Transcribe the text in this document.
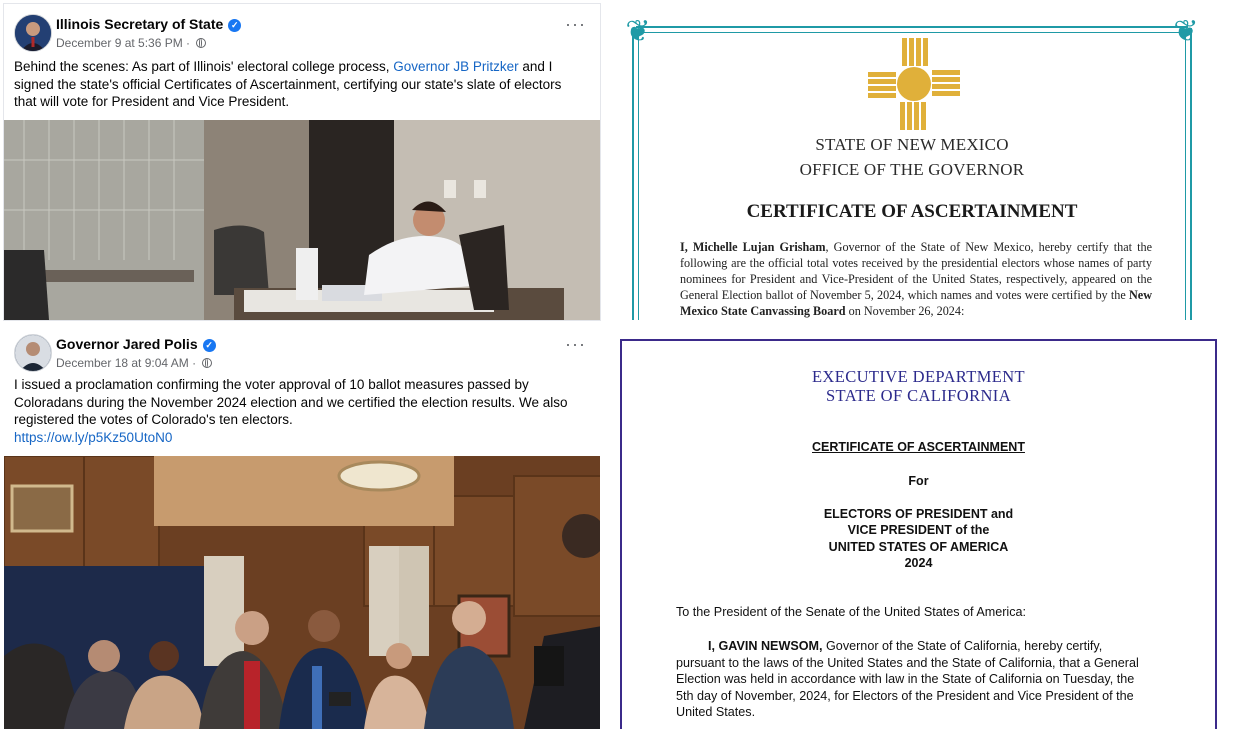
Illinois Secretary of State ✓
December 9 at 5:36 PM ·
···
Behind the scenes: As part of Illinois' electoral college process, Governor JB Pritzker and I signed the state's official Certificates of Ascertainment, certifying our state's slate of electors that will vote for President and Vice President.
Governor Jared Polis ✓
December 18 at 9:04 AM ·
···
I issued a proclamation confirming the voter approval of 10 ballot measures passed by Coloradans during the November 2024 election and we certified the election results. We also registered the votes of Colorado's ten electors.
https://ow.ly/p5Kz50UtoN0
❦	❦
STATE OF NEW MEXICO
OFFICE OF THE GOVERNOR
CERTIFICATE OF ASCERTAINMENT
I, Michelle Lujan Grisham, Governor of the State of New Mexico, hereby certify that the following are the official total votes received by the presidential electors whose names of party nominees for President and Vice-President of the United States, respectively, appeared on the General Election ballot of November 5, 2024, which names and votes were certified by the New Mexico State Canvassing Board on November 26, 2024:
EXECUTIVE DEPARTMENT
STATE OF CALIFORNIA
CERTIFICATE OF ASCERTAINMENT
For
ELECTORS OF PRESIDENT and
VICE PRESIDENT of the
UNITED STATES OF AMERICA
2024
To the President of the Senate of the United States of America:
I, GAVIN NEWSOM, Governor of the State of California, hereby certify, pursuant to the laws of the United States and the State of California, that a General Election was held in accordance with law in the State of California on Tuesday, the 5th day of November, 2024, for Electors of the President and Vice President of the United States.
